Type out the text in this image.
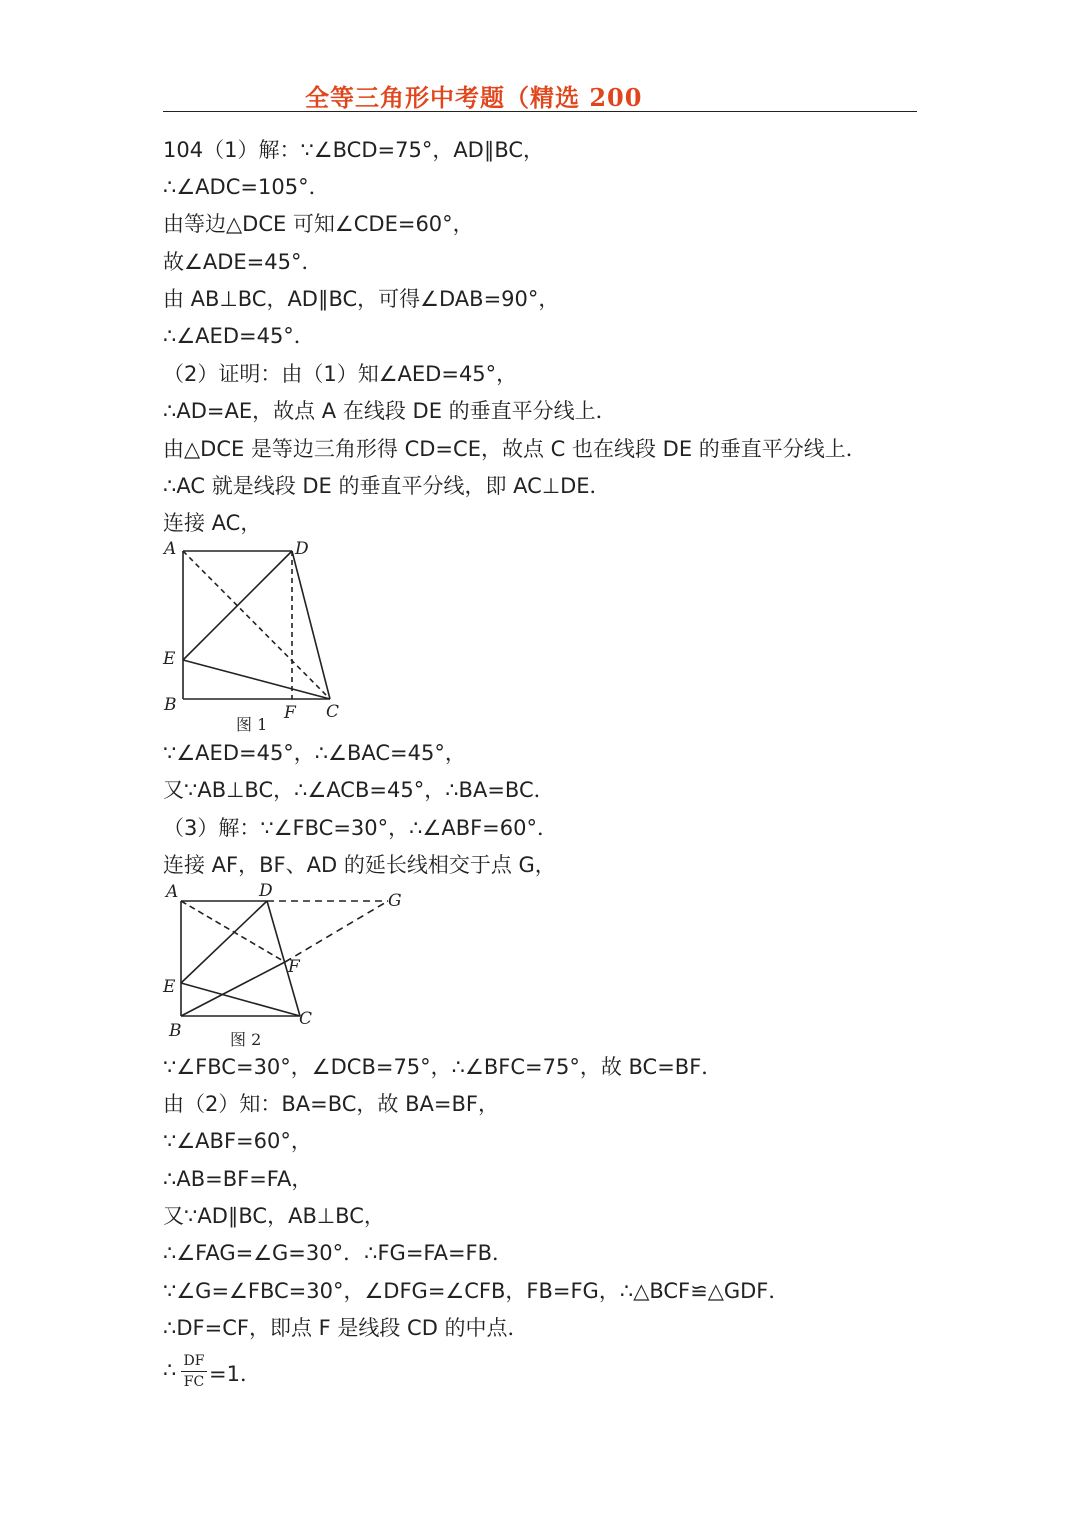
全等三角形中考题（精选 200
104（1）解：∵∠BCD=75°，AD∥BC，
∴∠ADC=105°．
由等边△DCE 可知∠CDE=60°，
故∠ADE=45°．
由 AB⊥BC，AD∥BC，可得∠DAB=90°，
∴∠AED=45°．
（2）证明：由（1）知∠AED=45°，
∴AD=AE，故点 A 在线段 DE 的垂直平分线上．
由△DCE 是等边三角形得 CD=CE，故点 C 也在线段 DE 的垂直平分线上．
∴AC 就是线段 DE 的垂直平分线，即 AC⊥DE．
连接 AC，
A	D
E
B	F C
图 1
∵∠AED=45°，∴∠BAC=45°，
又∵AB⊥BC，∴∠ACB=45°，∴BA=BC．
（3）解：∵∠FBC=30°，∴∠ABF=60°．
连接 AF，BF、AD 的延长线相交于点 G，
A	D	G
F
E
B
C
图 2
∵∠FBC=30°，∠DCB=75°，∴∠BFC=75°，故 BC=BF．
由（2）知：BA=BC，故 BA=BF，
∵∠ABF=60°，
∴AB=BF=FA，
又∵AD∥BC，AB⊥BC，
∴∠FAG=∠G=30°．∴FG=FA=FB．
∵∠G=∠FBC=30°，∠DFG=∠CFB，FB=FG，∴△BCF≌△GDF．
∴DF=CF，即点 F 是线段 CD 的中点．
∴ DF
FC =1．
